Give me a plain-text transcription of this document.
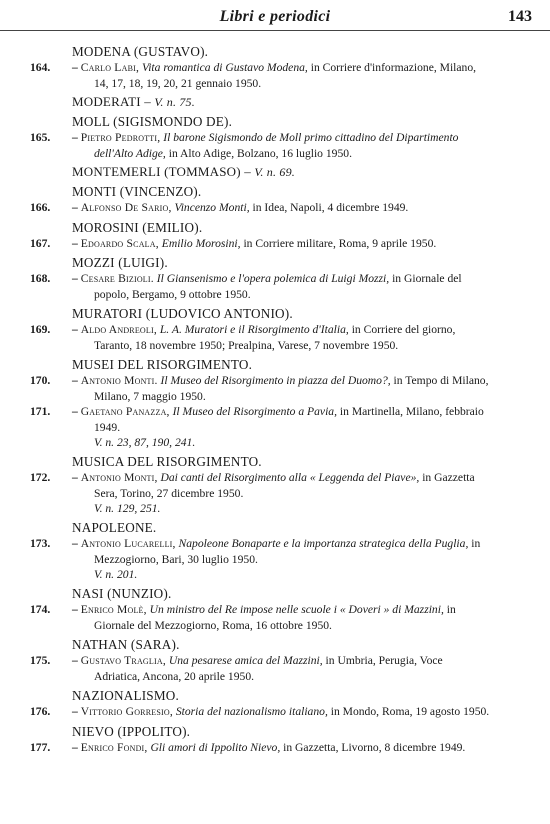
Libri e periodici	143
MODENA (GUSTAVO).
164.	– Carlo Labi, Vita romantica di Gustavo Modena, in Corriere d'informazione, Milano, 14, 17, 18, 19, 20, 21 gennaio 1950.
MODERATI – V. n. 75.
MOLL (SIGISMONDO DE).
165.	– Pietro Pedrotti, Il barone Sigismondo de Moll primo cittadino del Dipartimento dell'Alto Adige, in Alto Adige, Bolzano, 16 luglio 1950.
MONTEMERLI (TOMMASO) – V. n. 69.
MONTI (VINCENZO).
166.	– Alfonso De Sario, Vincenzo Monti, in Idea, Napoli, 4 dicembre 1949.
MOROSINI (EMILIO).
167.	– Edoardo Scala, Emilio Morosini, in Corriere militare, Roma, 9 aprile 1950.
MOZZI (LUIGI).
168.	– Cesare Bizioli. Il Giansenismo e l'opera polemica di Luigi Mozzi, in Giornale del popolo, Bergamo, 9 ottobre 1950.
MURATORI (LUDOVICO ANTONIO).
169.	– Aldo Andreoli, L. A. Muratori e il Risorgimento d'Italia, in Corriere del giorno, Taranto, 18 novembre 1950; Prealpina, Varese, 7 novembre 1950.
MUSEI DEL RISORGIMENTO.
170.	– Antonio Monti. Il Museo del Risorgimento in piazza del Duomo?, in Tempo di Milano, Milano, 7 maggio 1950.
171.	– Gaetano Panazza, Il Museo del Risorgimento a Pavia, in Martinella, Milano, febbraio 1949.
V. n. 23, 87, 190, 241.
MUSICA DEL RISORGIMENTO.
172.	– Antonio Monti, Dai canti del Risorgimento alla « Leggenda del Piave», in Gazzetta Sera, Torino, 27 dicembre 1950.
V. n. 129, 251.
NAPOLEONE.
173.	– Antonio Lucarelli, Napoleone Bonaparte e la importanza strategica della Puglia, in Mezzogiorno, Bari, 30 luglio 1950.
V. n. 201.
NASI (NUNZIO).
174.	– Enrico Molè, Un ministro del Re impose nelle scuole i « Doveri » di Mazzini, in Giornale del Mezzogiorno, Roma, 16 ottobre 1950.
NATHAN (SARA).
175.	– Gustavo Traglia, Una pesarese amica del Mazzini, in Umbria, Perugia, Voce Adriatica, Ancona, 20 aprile 1950.
NAZIONALISMO.
176.	– Vittorio Gorresio, Storia del nazionalismo italiano, in Mondo, Roma, 19 agosto 1950.
NIEVO (IPPOLITO).
177.	– Enrico Fondi, Gli amori di Ippolito Nievo, in Gazzetta, Livorno, 8 dicembre 1949.
